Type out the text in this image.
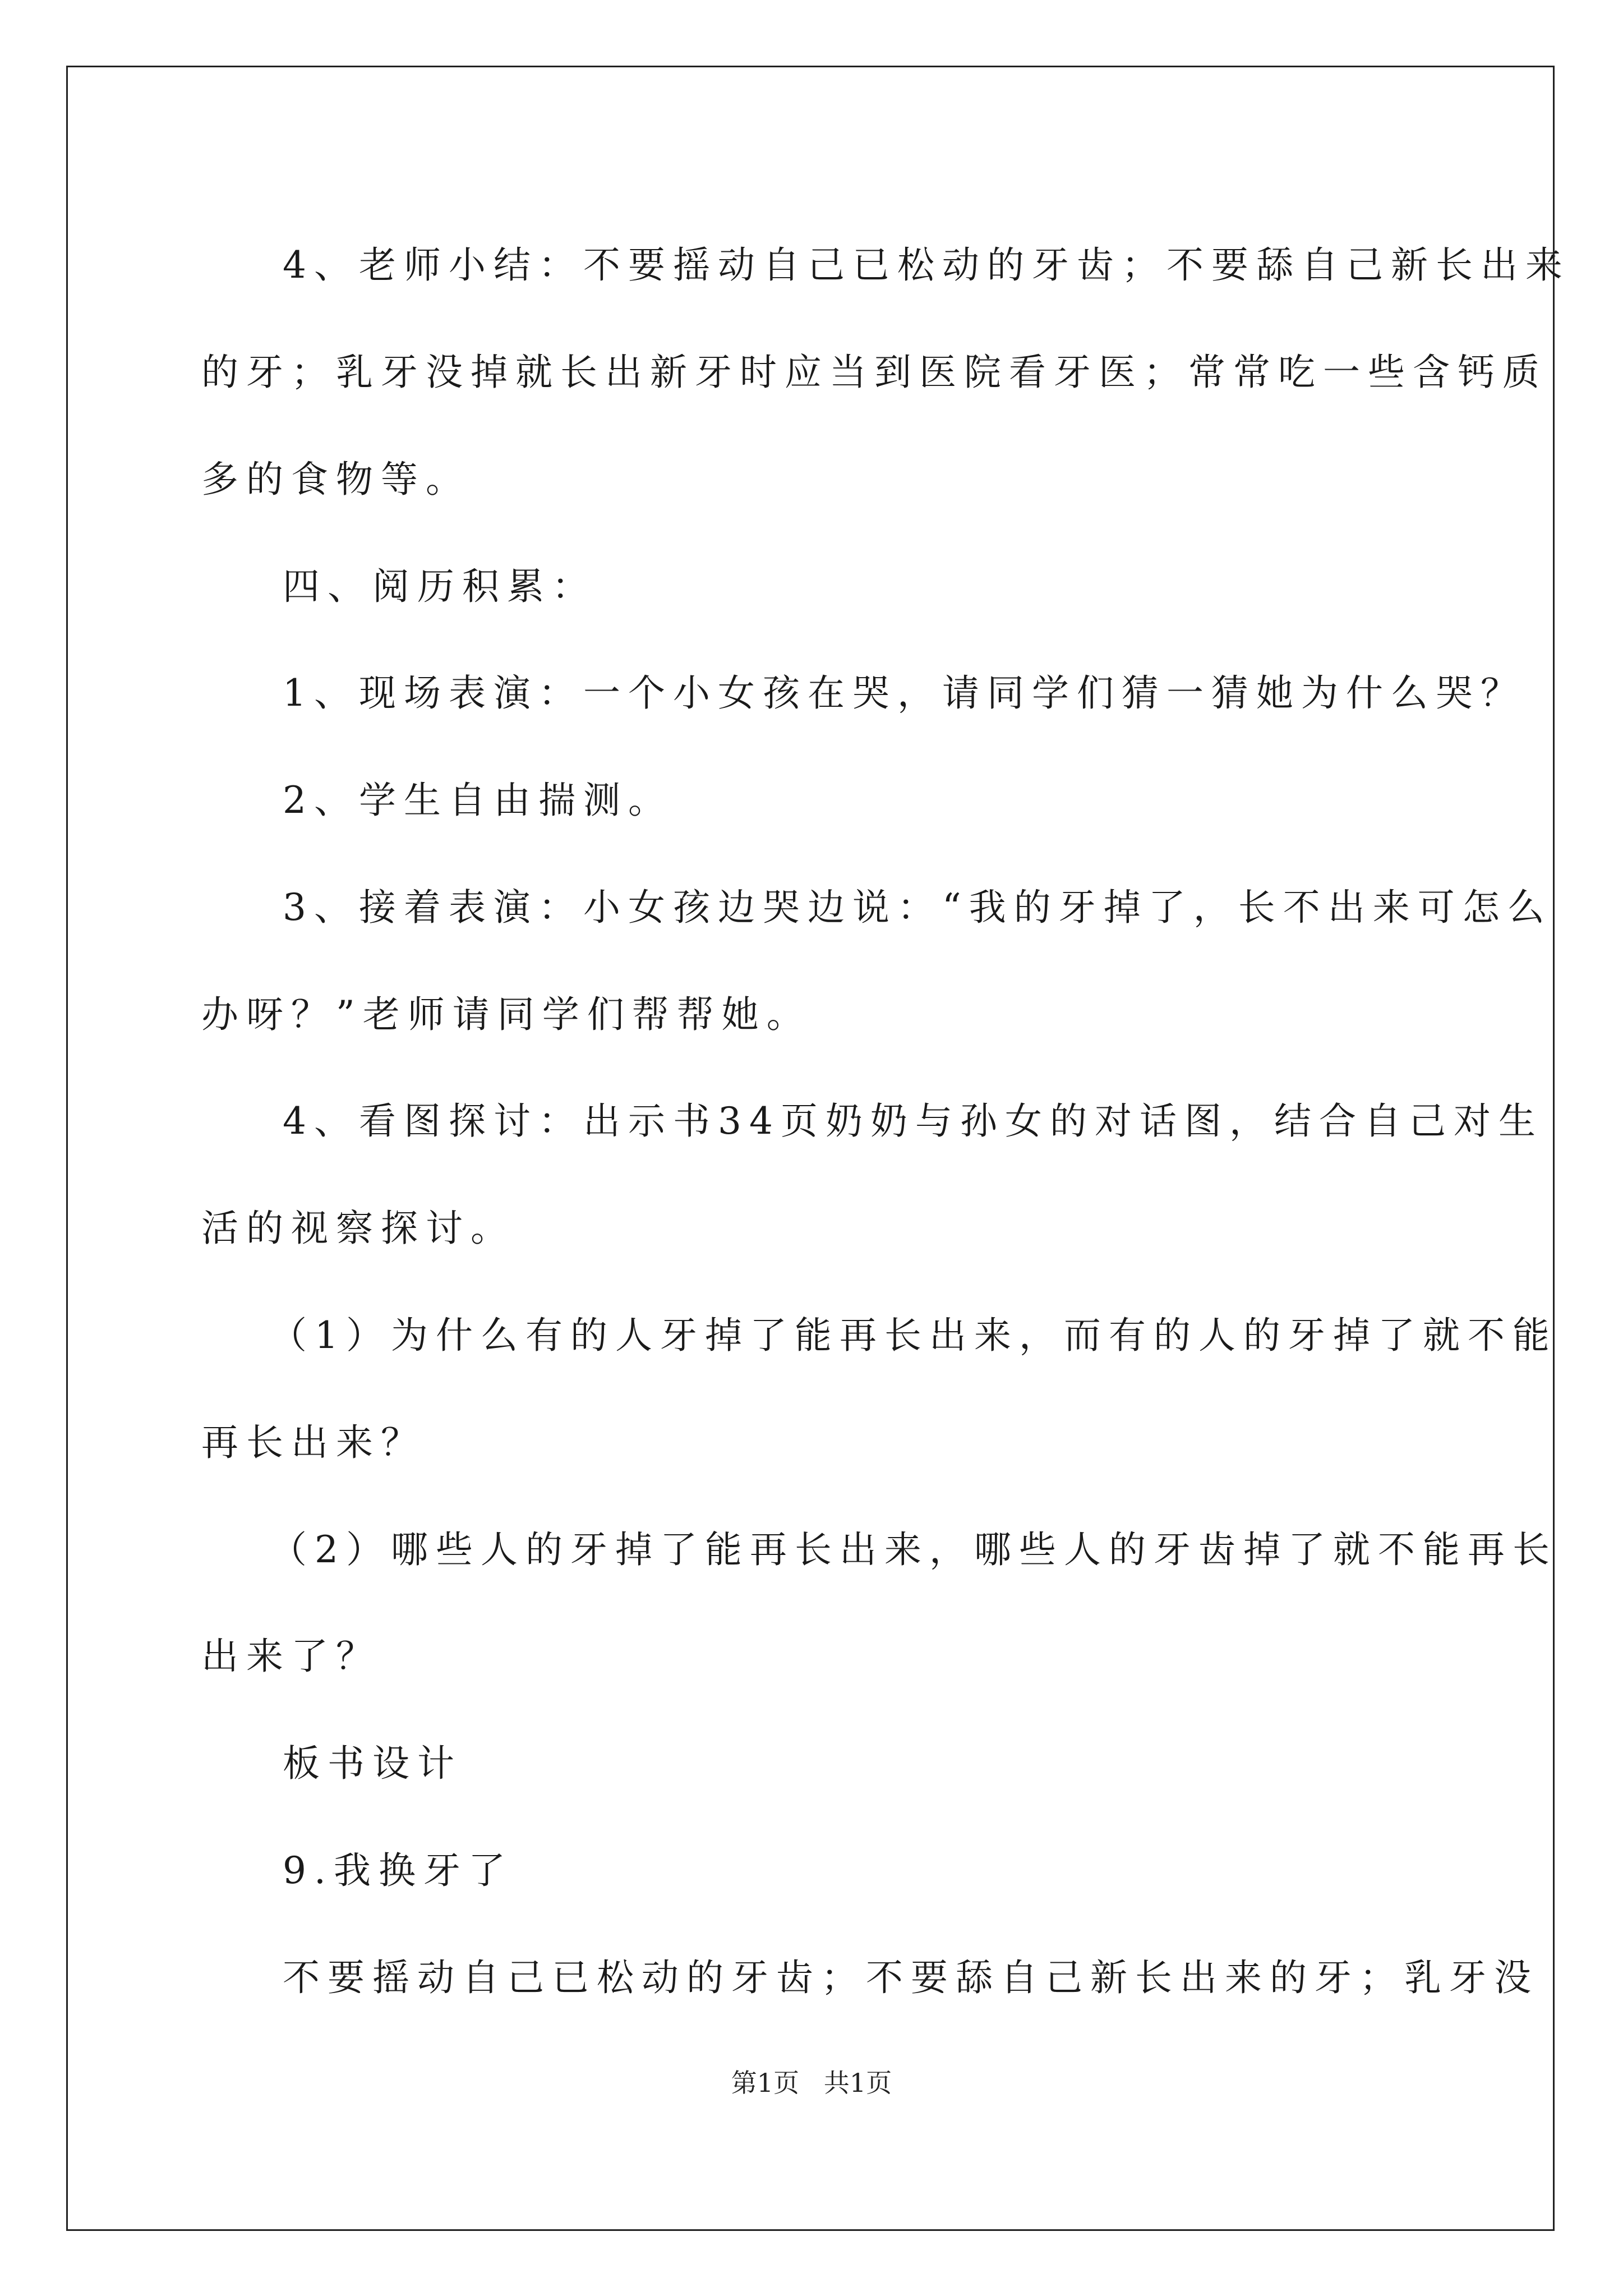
4、老师小结：不要摇动自己已松动的牙齿；不要舔自己新长出来
的牙；乳牙没掉就长出新牙时应当到医院看牙医；常常吃一些含钙质
多的食物等。
四、阅历积累：
1、现场表演：一个小女孩在哭，请同学们猜一猜她为什么哭？
2、学生自由揣测。
3、接着表演：小女孩边哭边说：“我的牙掉了，长不出来可怎么
办呀？”老师请同学们帮帮她。
4、看图探讨：出示书34页奶奶与孙女的对话图，结合自己对生
活的视察探讨。
（1）为什么有的人牙掉了能再长出来，而有的人的牙掉了就不能
再长出来？
（2）哪些人的牙掉了能再长出来，哪些人的牙齿掉了就不能再长
出来了？
板书设计
9.我换牙了
不要摇动自己已松动的牙齿；不要舔自己新长出来的牙；乳牙没
第1页   共1页
